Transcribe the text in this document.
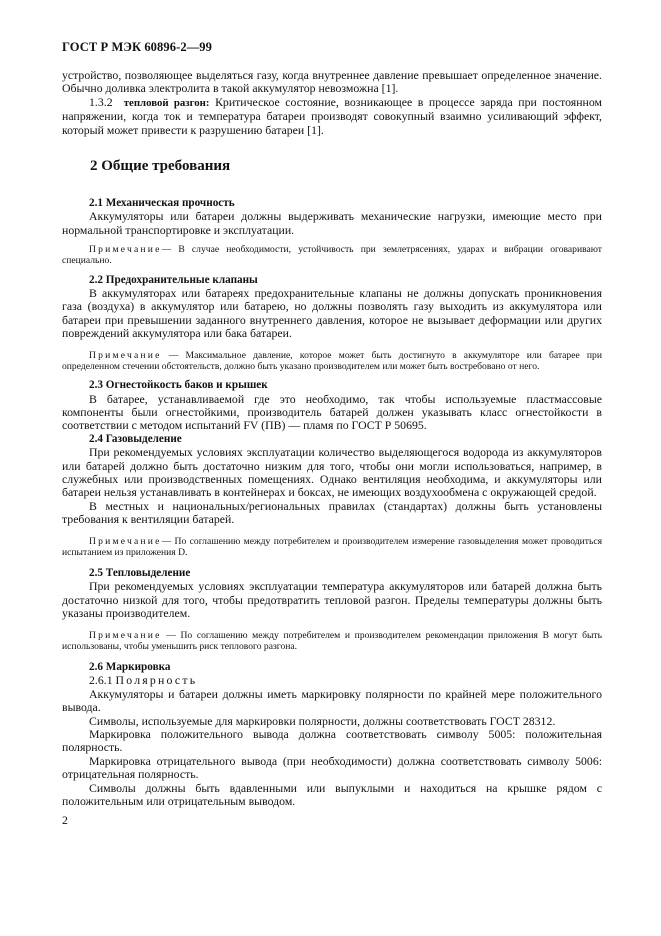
ГОСТ Р МЭК 60896-2—99

устройство, позволяющее выделяться газу, когда внутреннее давление превышает определенное значение. Обычно доливка электролита в такой аккумулятор невозможна [1].

1.3.2 тепловой разгон: Критическое состояние, возникающее в процессе заряда при постоянном напряжении, когда ток и температура батареи производят совокупный взаимно усиливающий эффект, который может привести к разрушению батареи [1].

2 Общие требования
2.1 Механическая прочность

Аккумуляторы или батареи должны выдерживать механические нагрузки, имеющие место при нормальной транспортировке и эксплуатации.

Примечание— В случае необходимости, устойчивость при землетрясениях, ударах и вибрации оговаривают специально.

2.2 Предохранительные клапаны

В аккумуляторах или батареях предохранительные клапаны не должны допускать проникновения газа (воздуха) в аккумулятор или батарею, но должны позволять газу выходить из аккумулятора или батареи при превышении заданного внутреннего давления, которое не вызывает деформации или других повреждений аккумулятора или бака батареи.

Примечание — Максимальное давление, которое может быть достигнуто в аккумуляторе или батарее при определенном стечении обстоятельств, должно быть указано производителем или может быть востребовано от него.

2.3 Огнестойкость баков и крышек

В батарее, устанавливаемой где это необходимо, так чтобы используемые пластмассовые компоненты были огнестойкими, производитель батарей должен указывать класс огнестойкости в соответствии с методом испытаний FV (ПВ) — пламя по ГОСТ Р 50695.

2.4 Газовыделение

При рекомендуемых условиях эксплуатации количество выделяющегося водорода из аккумуляторов или батарей должно быть достаточно низким для того, чтобы они могли использоваться, например, в служебных или производственных помещениях. Однако вентиляция необходима, и аккумуляторы или батареи нельзя устанавливать в контейнерах и боксах, не имеющих воздухообмена с окружающей средой.

В местных и национальных/региональных правилах (стандартах) должны быть установлены требования к вентиляции батарей.

Примечание— По соглашению между потребителем и производителем измерение газовыделения может проводиться испытанием из приложения D.

2.5 Тепловыделение

При рекомендуемых условиях эксплуатации температура аккумуляторов или батарей должна быть достаточно низкой для того, чтобы предотвратить тепловой разгон. Пределы температуры должны быть указаны производителем.

Примечание — По соглашению между потребителем и производителем рекомендации приложения B могут быть использованы, чтобы уменьшить риск теплового разгона.

2.6 Маркировка

2.6.1 Полярность

Аккумуляторы и батареи должны иметь маркировку полярности по крайней мере положительного вывода.

Символы, используемые для маркировки полярности, должны соответствовать ГОСТ 28312.

Маркировка положительного вывода должна соответствовать символу 5005: положительная полярность.

Маркировка отрицательного вывода (при необходимости) должна соответствовать символу 5006: отрицательная полярность.

Символы должны быть вдавленными или выпуклыми и находиться на крышке рядом с положительным или отрицательным выводом.

2
